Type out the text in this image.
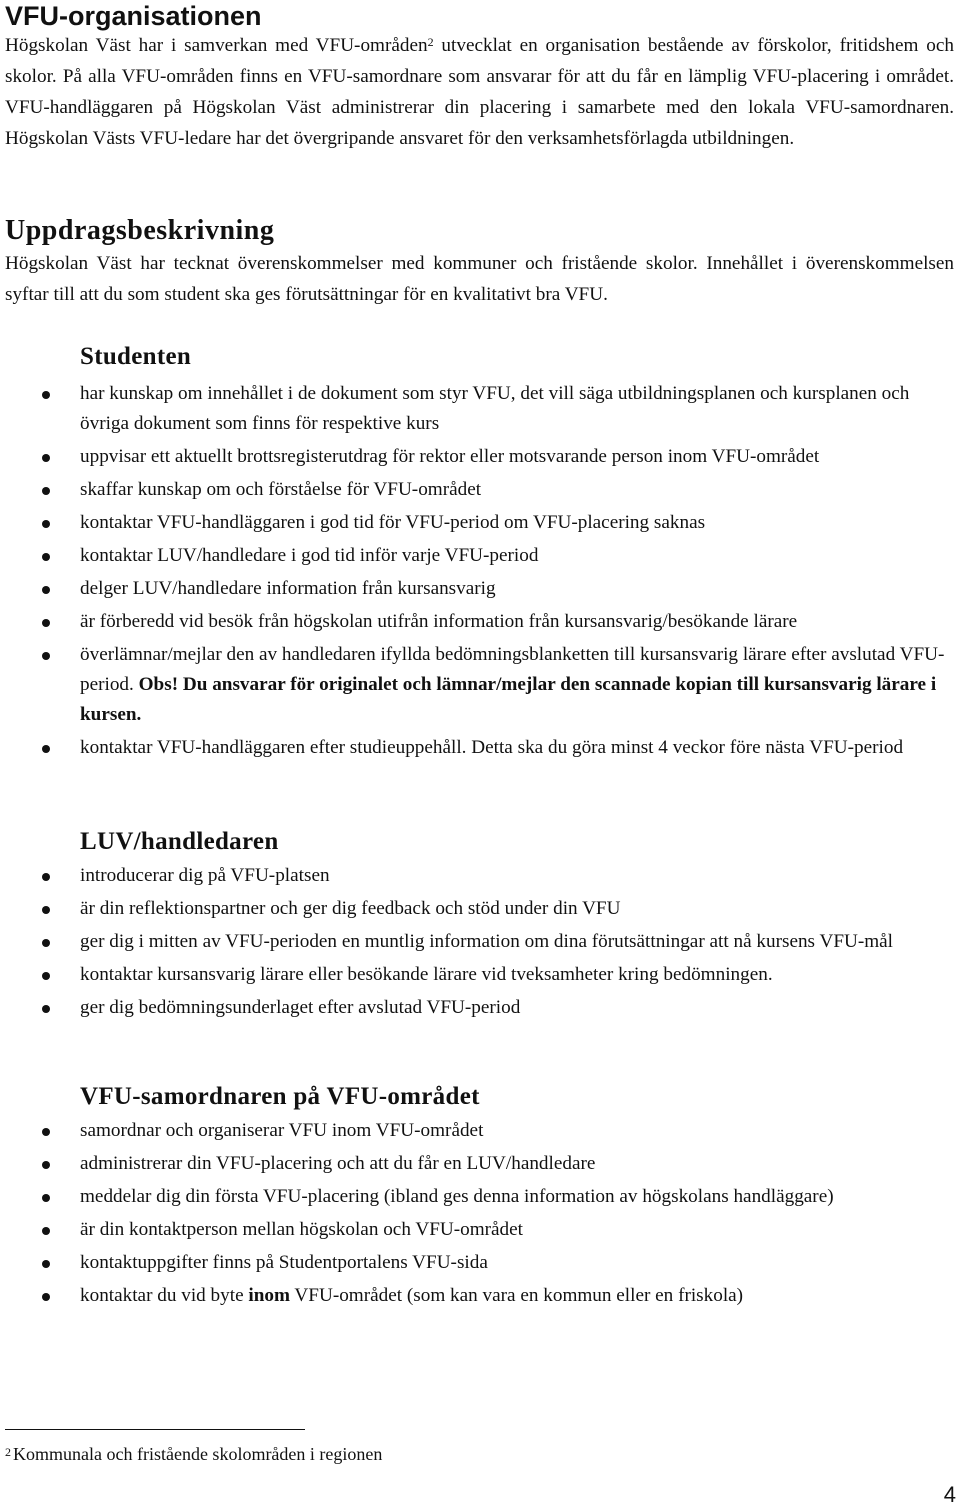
VFU-organisationen

Högskolan Väst har i samverkan med VFU-områden$^2$ utvecklat en organisation bestående av förskolor, fritidshem och skolor. På alla VFU-områden finns en VFU-samordnare som ansvarar för att du får en lämplig VFU-placering i området. VFU-handläggaren på Högskolan Väst administrerar din placering i samarbete med den lokala VFU-samordnaren. Högskolan Västs VFU-ledare har det övergripande ansvaret för den verksamhetsförlagda utbildningen.

Uppdragsbeskrivning

Högskolan Väst har tecknat överenskommelser med kommuner och fristående skolor. Innehållet i överenskommelsen syftar till att du som student ska ges förutsättningar för en kvalitativt bra VFU.

Studenten
har kunskap om innehållet i de dokument som styr VFU, det vill säga utbildningsplanen och kursplanen och övriga dokument som finns för respektive kurs
uppvisar ett aktuellt brottsregisterutdrag för rektor eller motsvarande person inom VFU-området
skaffar kunskap om och förståelse för VFU-området
kontaktar VFU-handläggaren i god tid för VFU-period om VFU-placering saknas
kontaktar LUV/handledare i god tid inför varje VFU-period
delger LUV/handledare information från kursansvarig
är förberedd vid besök från högskolan utifrån information från kursansvarig/besökande lärare
överlämnar/mejlar den av handledaren ifyllda bedömningsblanketten till kursansvarig lärare efter avslutad VFU-period. Obs! Du ansvarar för originalet och lämnar/mejlar den scannade kopian till kursansvarig lärare i kursen.
kontaktar VFU-handläggaren efter studieuppehåll. Detta ska du göra minst 4 veckor före nästa VFU-period
LUV/handledaren
introducerar dig på VFU-platsen
är din reflektionspartner och ger dig feedback och stöd under din VFU
ger dig i mitten av VFU-perioden en muntlig information om dina förutsättningar att nå kursens VFU-mål
kontaktar kursansvarig lärare eller besökande lärare vid tveksamheter kring bedömningen.
ger dig bedömningsunderlaget efter avslutad VFU-period
VFU-samordnaren på VFU-området
samordnar och organiserar VFU inom VFU-området
administrerar din VFU-placering och att du får en LUV/handledare
meddelar dig din första VFU-placering (ibland ges denna information av högskolans handläggare)
är din kontaktperson mellan högskolan och VFU-området
kontaktuppgifter finns på Studentportalens VFU-sida
kontaktar du vid byte inom VFU-området (som kan vara en kommun eller en friskola)

$^2$ Kommunala och fristående skolområden i regionen

4
